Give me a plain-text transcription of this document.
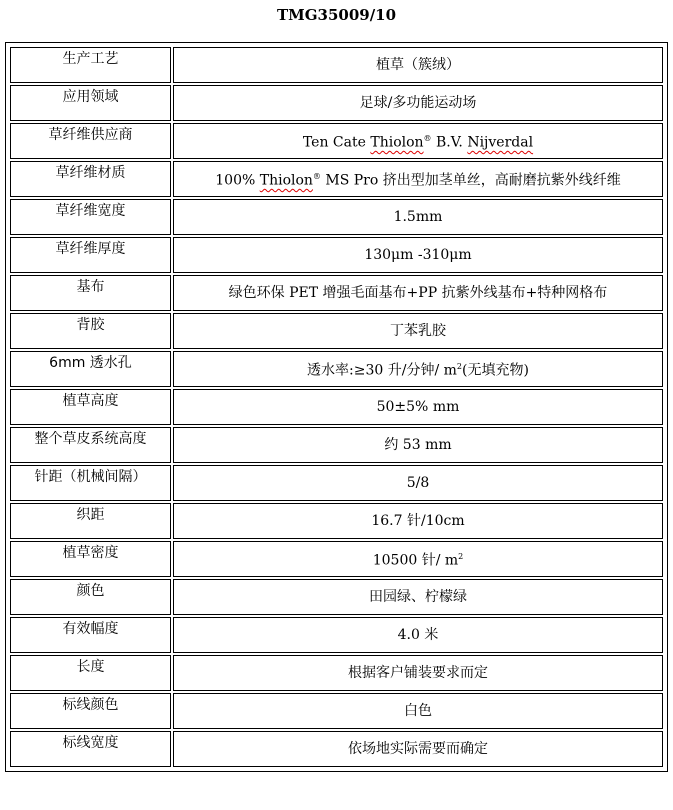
TMG35009/10
生产工艺	植草（簇绒）
应用领域	足球/多功能运动场
草纤维供应商	Ten Cate Thiolon® B.V. Nijverdal
草纤维材质	100% Thiolon® MS Pro 挤出型加茎单丝，高耐磨抗紫外线纤维
草纤维宽度	1.5mm
草纤维厚度	130μm -310μm
基布	绿色环保 PET 增强毛面基布+PP 抗紫外线基布+特种网格布
背胶	丁苯乳胶
6mm 透水孔	透水率:≥30 升/分钟/ $m^2$(无填充物)
植草高度	50±5% mm
整个草皮系统高度	约 53 mm
针距（机械间隔）	5/8
织距	16.7 针/10cm
植草密度	10500 针/ $m^2$
颜色	田园绿、柠檬绿
有效幅度	4.0 米
长度	根据客户铺装要求而定
标线颜色	白色
标线宽度	依场地实际需要而确定
